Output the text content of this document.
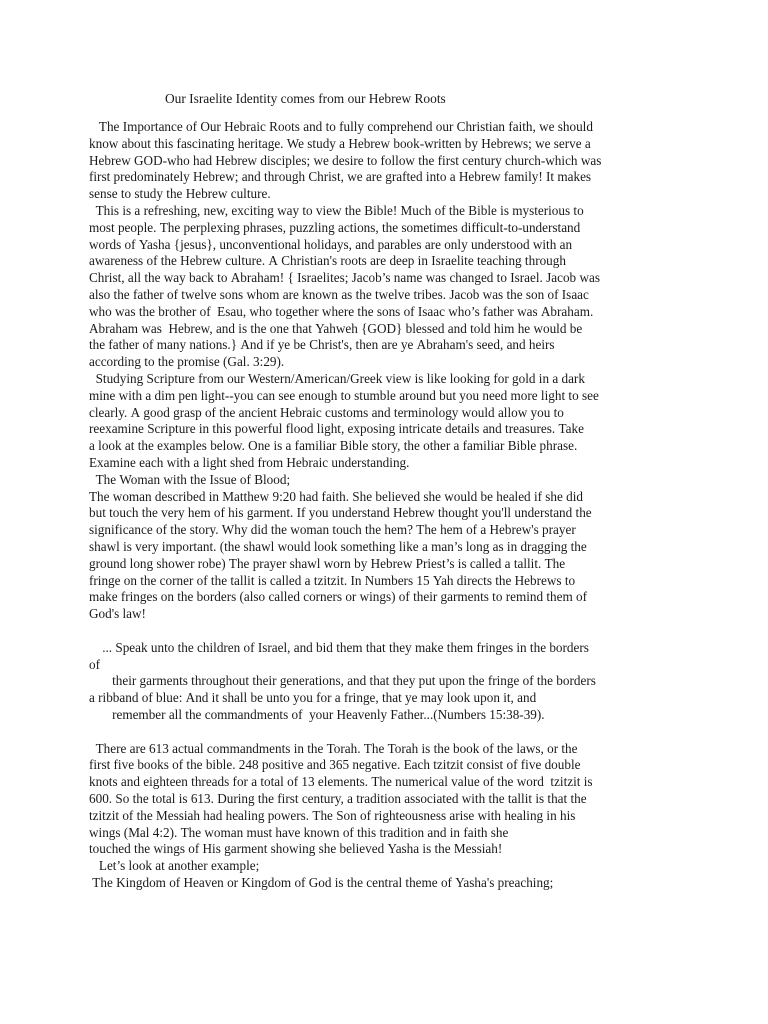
Our Israelite Identity comes from our Hebrew Roots
The Importance of Our Hebraic Roots and to fully comprehend our Christian faith, we should
know about this fascinating heritage. We study a Hebrew book-written by Hebrews; we serve a
Hebrew GOD-who had Hebrew disciples; we desire to follow the first century church-which was
first predominately Hebrew; and through Christ, we are grafted into a Hebrew family! It makes
sense to study the Hebrew culture.
This is a refreshing, new, exciting way to view the Bible! Much of the Bible is mysterious to
most people. The perplexing phrases, puzzling actions, the sometimes difficult-to-understand
words of Yasha {jesus}, unconventional holidays, and parables are only understood with an
awareness of the Hebrew culture. A Christian's roots are deep in Israelite teaching through
Christ, all the way back to Abraham! { Israelites; Jacob’s name was changed to Israel. Jacob was
also the father of twelve sons whom are known as the twelve tribes. Jacob was the son of Isaac
who was the brother of  Esau, who together where the sons of Isaac who’s father was Abraham.
Abraham was  Hebrew, and is the one that Yahweh {GOD} blessed and told him he would be
the father of many nations.} And if ye be Christ's, then are ye Abraham's seed, and heirs
according to the promise (Gal. 3:29).
Studying Scripture from our Western/American/Greek view is like looking for gold in a dark
mine with a dim pen light--you can see enough to stumble around but you need more light to see
clearly. A good grasp of the ancient Hebraic customs and terminology would allow you to
reexamine Scripture in this powerful flood light, exposing intricate details and treasures. Take
a look at the examples below. One is a familiar Bible story, the other a familiar Bible phrase.
Examine each with a light shed from Hebraic understanding.
The Woman with the Issue of Blood;
The woman described in Matthew 9:20 had faith. She believed she would be healed if she did
but touch the very hem of his garment. If you understand Hebrew thought you'll understand the
significance of the story. Why did the woman touch the hem? The hem of a Hebrew's prayer
shawl is very important. (the shawl would look something like a man’s long as in dragging the
ground long shower robe) The prayer shawl worn by Hebrew Priest’s is called a tallit. The
fringe on the corner of the tallit is called a tzitzit. In Numbers 15 Yah directs the Hebrews to
make fringes on the borders (also called corners or wings) of their garments to remind them of
God's law!
... Speak unto the children of Israel, and bid them that they make them fringes in the borders
of
their garments throughout their generations, and that they put upon the fringe of the borders
a ribband of blue: And it shall be unto you for a fringe, that ye may look upon it, and
remember all the commandments of  your Heavenly Father...(Numbers 15:38-39).
There are 613 actual commandments in the Torah. The Torah is the book of the laws, or the
first five books of the bible. 248 positive and 365 negative. Each tzitzit consist of five double
knots and eighteen threads for a total of 13 elements. The numerical value of the word  tzitzit is
600. So the total is 613. During the first century, a tradition associated with the tallit is that the
tzitzit of the Messiah had healing powers. The Son of righteousness arise with healing in his
wings (Mal 4:2). The woman must have known of this tradition and in faith she
touched the wings of His garment showing she believed Yasha is the Messiah!
Let’s look at another example;
The Kingdom of Heaven or Kingdom of God is the central theme of Yasha's preaching;
